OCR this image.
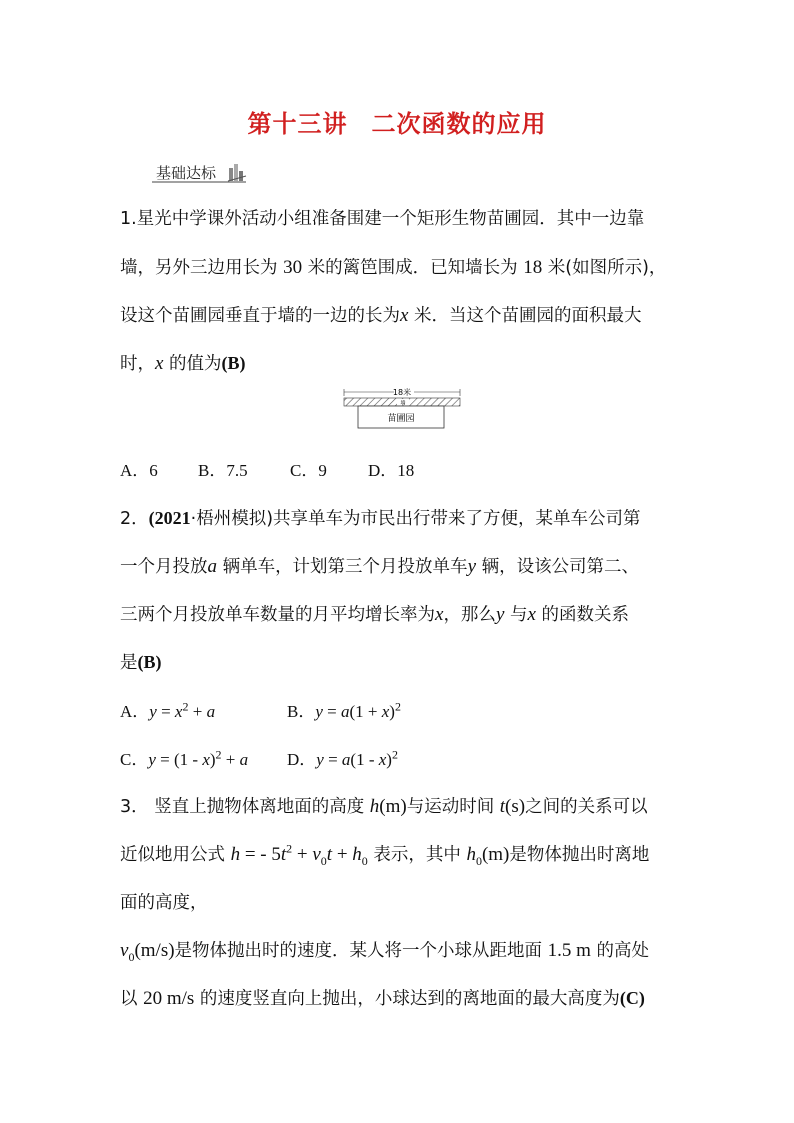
第十三讲 二次函数的应用
基础达标
1.星光中学课外活动小组准备围建一个矩形生物苗圃园．其中一边靠
墙，另外三边用长为 30 米的篱笆围成．已知墙长为 18 米(如图所示)，
设这个苗圃园垂直于墙的一边的长为x 米．当这个苗圃园的面积最大
时，x 的值为(B)
18米
墙
苗圃园
A．6 B．7.5 C．9 D．18
2．(2021·梧州模拟)共享单车为市民出行带来了方便，某单车公司第
一个月投放a 辆单车，计划第三个月投放单车y 辆，设该公司第二、
三两个月投放单车数量的月平均增长率为x，那么y 与x 的函数关系
是(B)
A．$y = x^2 + a$	B．$y = a(1 + x)^2$
C．y = (1 - x)$^2$ + a D．y = a(1 - x)$^2$
3． 竖直上抛物体离地面的高度 h(m)与运动时间 t(s)之间的关系可以
近似地用公式 h = - $5t^2 + v_0t + h_0$ 表示，其中 $h_0(m)$是物体抛出时离地
面的高度，
$v_0(m/s)$是物体抛出时的速度．某人将一个小球从距地面 1.5 m 的高处
以 20 m/s 的速度竖直向上抛出，小球达到的离地面的最大高度为(C)
